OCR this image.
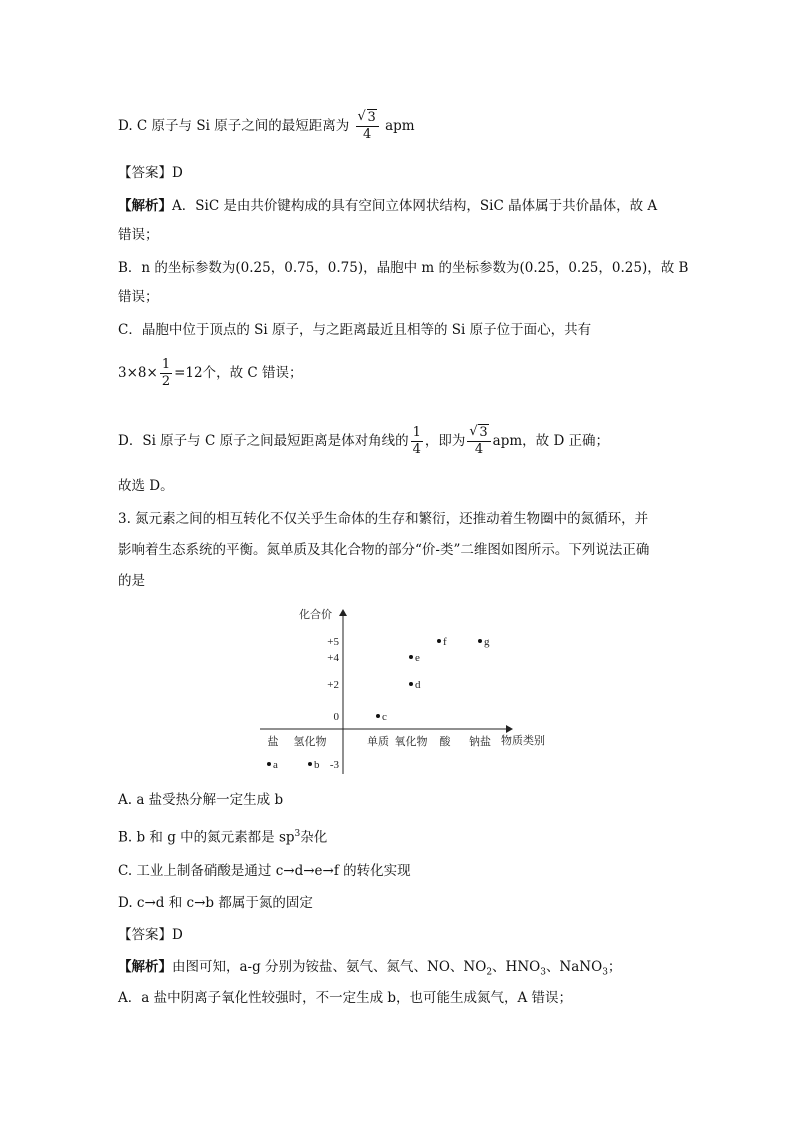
D. C 原子与 Si 原子之间的最短距离为 √ $\frac{3}{4}$ apm
【答案】D
【解析】A．SiC 是由共价键构成的具有空间立体网状结构，SiC 晶体属于共价晶体，故 A
错误；
B．n 的坐标参数为(0.25，0.75，0.75)，晶胞中 m 的坐标参数为(0.25，0.25，0.25)，故 B
错误；
C．晶胞中位于顶点的 Si 原子，与之距离最近且相等的 Si 原子位于面心，共有
$3\times 8\times \frac{1}{2} =12$个，故 C 错误；
D．Si 原子与 C 原子之间最短距离是体对角线的 $\frac{1}{4}$ ，即为 √ $\frac{3}{4}$ apm，故 D 正确；
故选 D。
3. 氮元素之间的相互转化不仅关乎生命体的生存和繁衍，还推动着生物圈中的氮循环，并
影响着生态系统的平衡。氮单质及其化合物的部分“价-类”二维图如图所示。下列说法正确
的是
化合价
物质类别
+5
+4
+2
0
-3
盐 氢化物	单质 氧化物 酸 钠盐
a	b
c
d
e
f	g
A. a 盐受热分解一定生成 b
B. b 和 g 中的氮元素都是 $sp^3$杂化
C. 工业上制备硝酸是通过 c→d→e→f 的转化实现
D. c→d 和 c→b 都属于氮的固定
【答案】D
【解析】由图可知，a-g 分别为铵盐、氨气、氮气、NO、$NO_2$、$HNO_3$、NaNO$_3$；
A．a 盐中阴离子氧化性较强时，不一定生成 b，也可能生成氮气，A 错误；
